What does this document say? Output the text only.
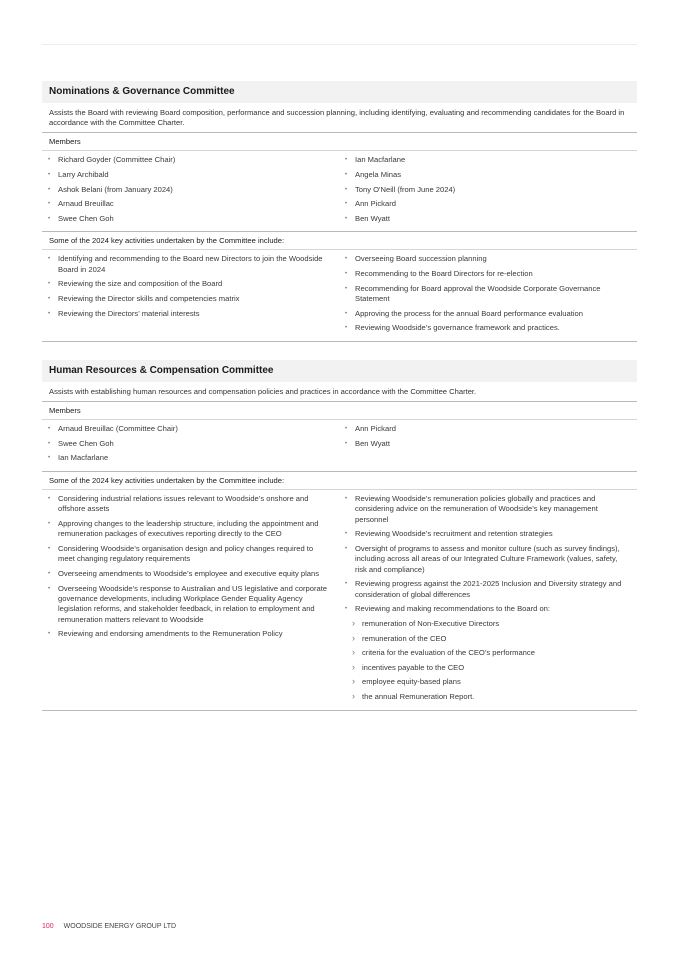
Nominations & Governance Committee
Assists the Board with reviewing Board composition, performance and succession planning, including identifying, evaluating and recommending candidates for the Board in accordance with the Committee Charter.
Members
• Richard Goyder (Committee Chair)
• Larry Archibald
• Ashok Belani (from January 2024)
• Arnaud Breuillac
• Swee Chen Goh
• Ian Macfarlane
• Angela Minas
• Tony O'Neill (from June 2024)
• Ann Pickard
• Ben Wyatt
Some of the 2024 key activities undertaken by the Committee include:
• Identifying and recommending to the Board new Directors to join the Woodside Board in 2024
• Reviewing the size and composition of the Board
• Reviewing the Director skills and competencies matrix
• Reviewing the Directors’ material interests
• Overseeing Board succession planning
• Recommending to the Board Directors for re-election
• Recommending for Board approval the Woodside Corporate Governance Statement
• Approving the process for the annual Board performance evaluation
• Reviewing Woodside’s governance framework and practices.
Human Resources & Compensation Committee
Assists with establishing human resources and compensation policies and practices in accordance with the Committee Charter.
Members
• Arnaud Breuillac (Committee Chair)
• Swee Chen Goh
• Ian Macfarlane
• Ann Pickard
• Ben Wyatt
Some of the 2024 key activities undertaken by the Committee include:
• Considering industrial relations issues relevant to Woodside’s onshore and offshore assets
• Approving changes to the leadership structure, including the appointment and remuneration packages of executives reporting directly to the CEO
• Considering Woodside’s organisation design and policy changes required to meet changing regulatory requirements
• Overseeing amendments to Woodside’s employee and executive equity plans
• Overseeing Woodside’s response to Australian and US legislative and corporate governance developments, including Workplace Gender Equality Agency legislation reforms, and stakeholder feedback, in relation to employment and remuneration matters relevant to Woodside
• Reviewing and endorsing amendments to the Remuneration Policy
• Reviewing Woodside’s remuneration policies globally and practices and considering advice on the remuneration of Woodside’s key management personnel
• Reviewing Woodside’s recruitment and retention strategies
• Oversight of programs to assess and monitor culture (such as survey findings), including across all areas of our Integrated Culture Framework (values, safety, risk and compliance)
• Reviewing progress against the 2021-2025 Inclusion and Diversity strategy and consideration of global differences
• Reviewing and making recommendations to the Board on:
› remuneration of Non-Executive Directors
› remuneration of the CEO
› criteria for the evaluation of the CEO’s performance
› incentives payable to the CEO
› employee equity-based plans
› the annual Remuneration Report.
100 WOODSIDE ENERGY GROUP LTD
